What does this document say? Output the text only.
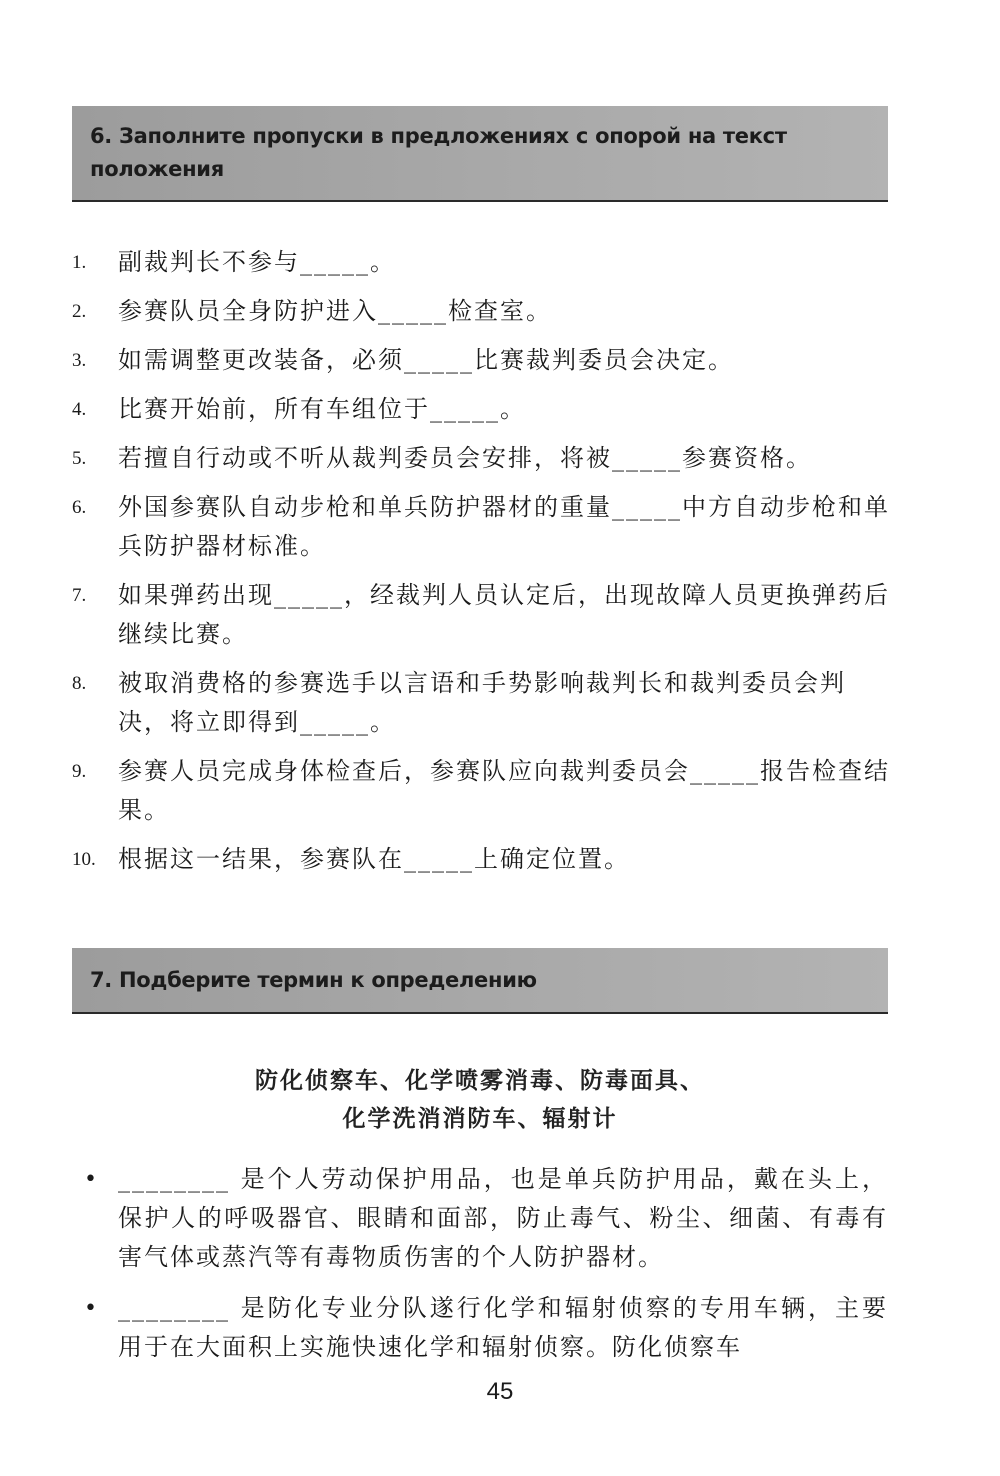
6. Заполните пропуски в предложениях с опорой на текст положения
1. 副裁判长不参与_____。
2. 参赛队员全身防护进入_____检查室。
3. 如需调整更改装备，必须_____比赛裁判委员会决定。
4. 比赛开始前，所有车组位于_____。
5. 若擅自行动或不听从裁判委员会安排，将被_____参赛资格。
6. 外国参赛队自动步枪和单兵防护器材的重量_____中方自动步枪和单兵防护器材标准。
7. 如果弹药出现_____，经裁判人员认定后，出现故障人员更换弹药后继续比赛。
8. 被取消费格的参赛选手以言语和手势影响裁判长和裁判委员会判决，将立即得到_____。
9. 参赛人员完成身体检查后，参赛队应向裁判委员会_____报告检查结果。
10. 根据这一结果，参赛队在_____上确定位置。
7. Подберите термин к определению
防化侦察车、化学喷雾消毒、防毒面具、
化学洗消消防车、辐射计
• ________ 是个人劳动保护用品，也是单兵防护用品，戴在头上，保护人的呼吸器官、眼睛和面部，防止毒气、粉尘、细菌、有毒有害气体或蒸汽等有毒物质伤害的个人防护器材。
• ________ 是防化专业分队遂行化学和辐射侦察的专用车辆，主要用于在大面积上实施快速化学和辐射侦察。防化侦察车
45
